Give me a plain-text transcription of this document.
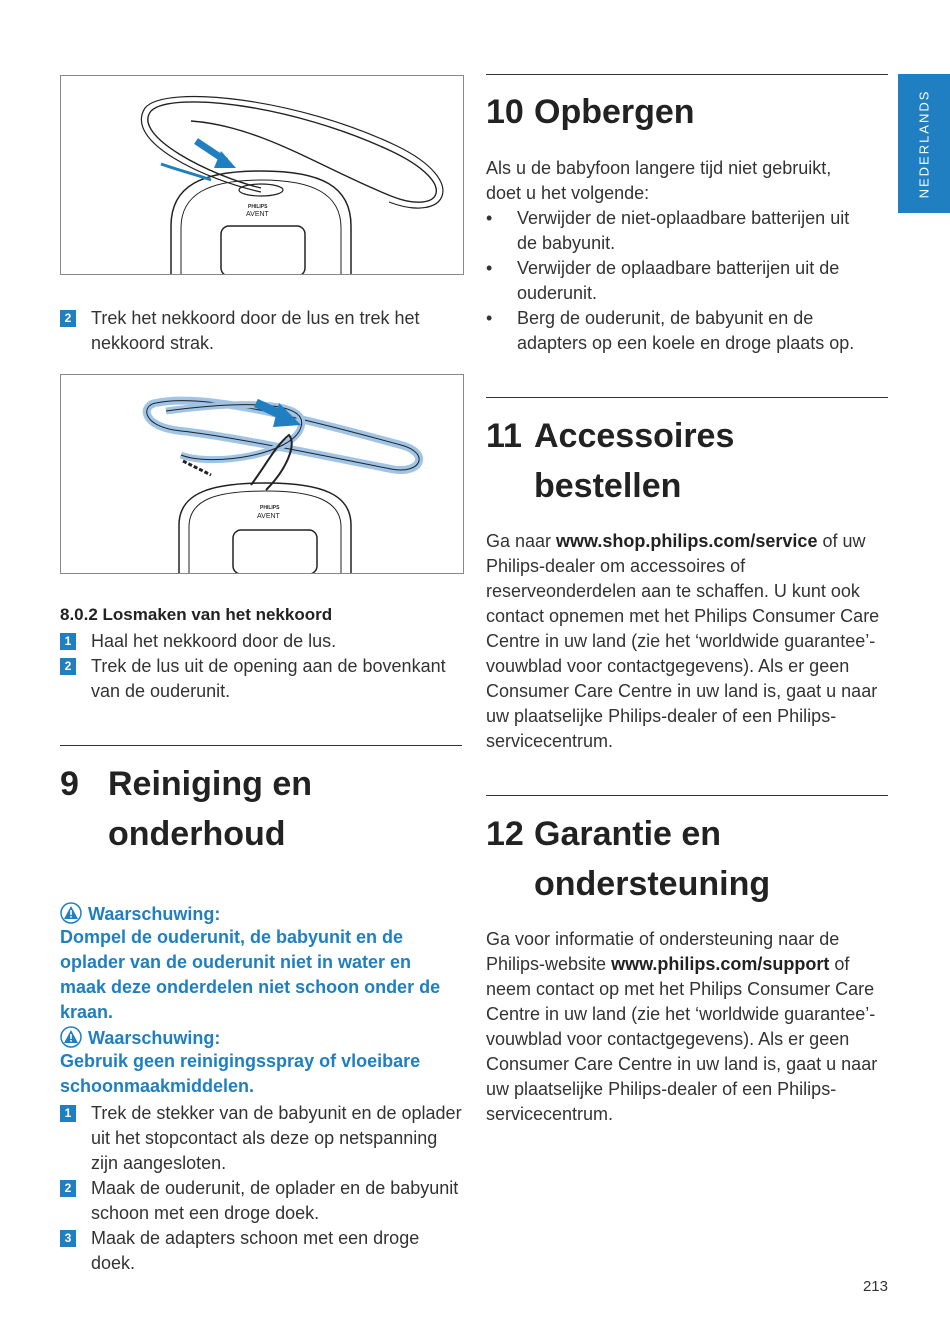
NEDERLANDS
PHILIPS
AVENT
2 Trek het nekkoord door de lus en trek het nekkoord strak.
PHILIPS
AVENT
8.0.2 Losmaken van het nekkoord
1 Haal het nekkoord door de lus.
2 Trek de lus uit de opening aan de bovenkant van de ouderunit.
9 Reiniging en
onderhoud
Waarschuwing:
Dompel de ouderunit, de babyunit en de oplader van de ouderunit niet in water en maak deze onderdelen niet schoon onder de kraan.
Waarschuwing:
Gebruik geen reinigingsspray of vloeibare schoonmaakmiddelen.
1 Trek de stekker van de babyunit en de oplader uit het stopcontact als deze op netspanning zijn aangesloten.
2 Maak de ouderunit, de oplader en de babyunit schoon met een droge doek.
3 Maak de adapters schoon met een droge doek.
10 Opbergen
Als u de babyfoon langere tijd niet gebruikt, doet u het volgende:
• Verwijder de niet-oplaadbare batterijen uit de babyunit.
• Verwijder de oplaadbare batterijen uit de ouderunit.
• Berg de ouderunit, de babyunit en de adapters op een koele en droge plaats op.
11 Accessoires
bestellen
Ga naar www.shop.philips.com/service of uw Philips-dealer om accessoires of reserveonderdelen aan te schaffen. U kunt ook contact opnemen met het Philips Consumer Care Centre in uw land (zie het ‘worldwide guarantee’-vouwblad voor contactgegevens). Als er geen Consumer Care Centre in uw land is, gaat u naar uw plaatselijke Philips-dealer of een Philips-servicecentrum.
12 Garantie en
ondersteuning
Ga voor informatie of ondersteuning naar de Philips-website www.philips.com/support of neem contact op met het Philips Consumer Care Centre in uw land (zie het ‘worldwide guarantee’-vouwblad voor contactgegevens). Als er geen Consumer Care Centre in uw land is, gaat u naar uw plaatselijke Philips-dealer of een Philips-servicecentrum.
213
